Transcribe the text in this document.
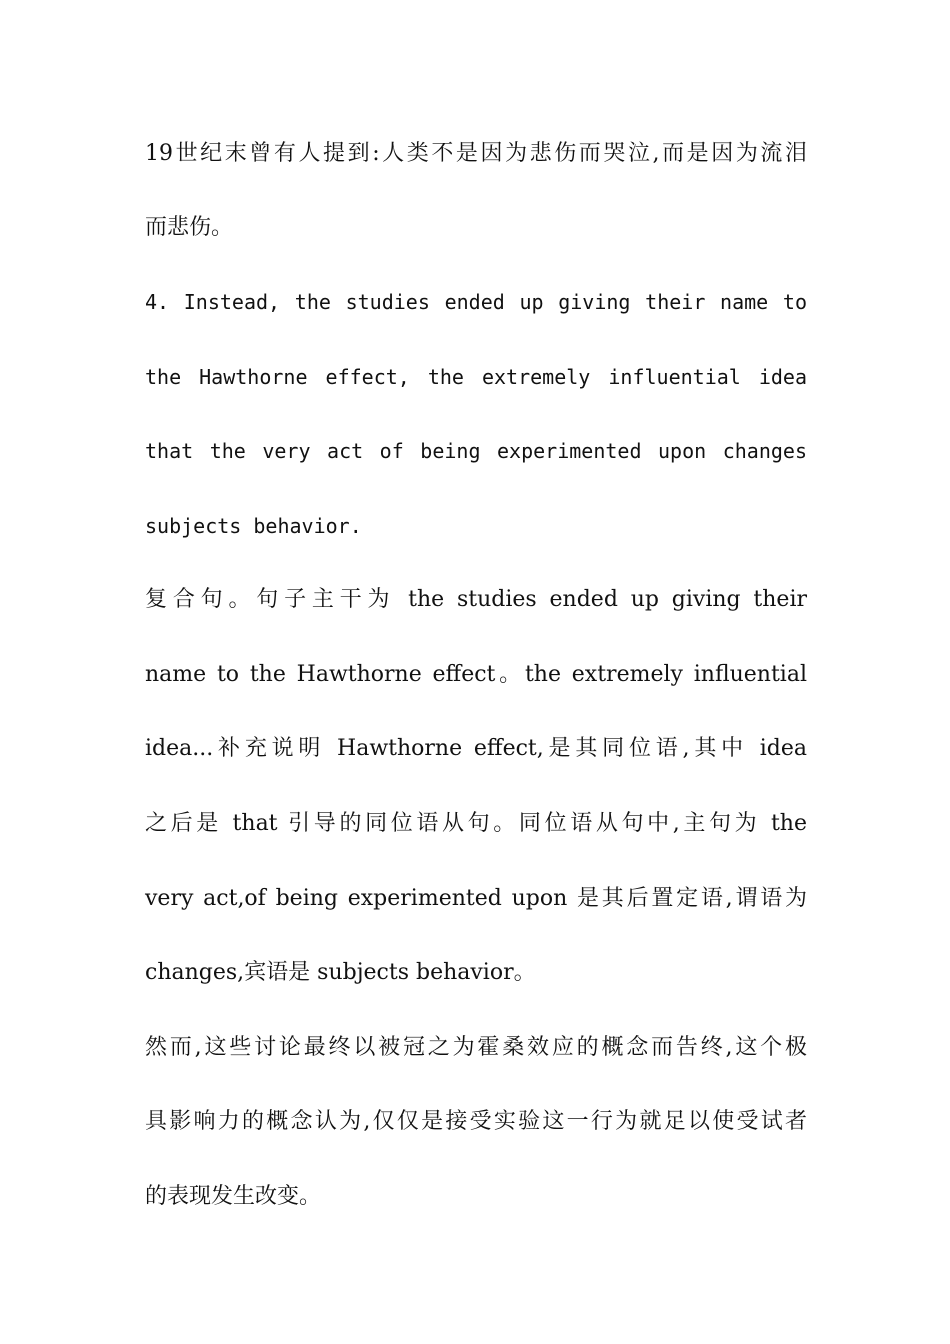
19世纪末曾有人提到:人类不是因为悲伤而哭泣,而是因为流泪
而悲伤。
4. Instead, the studies ended up giving their name to
the Hawthorne effect, the extremely influential idea
that the very act of being experimented upon changes
subjects behavior.
复合句。句子主干为 the studies ended up giving their
name to the Hawthorne effect。the extremely influential
idea...补充说明 Hawthorne effect,是其同位语,其中 idea
之后是 that 引导的同位语从句。同位语从句中,主句为 the
very act,of being experimented upon 是其后置定语,谓语为
changes,宾语是 subjects behavior。
然而,这些讨论最终以被冠之为霍桑效应的概念而告终,这个极
具影响力的概念认为,仅仅是接受实验这一行为就足以使受试者
的表现发生改变。
